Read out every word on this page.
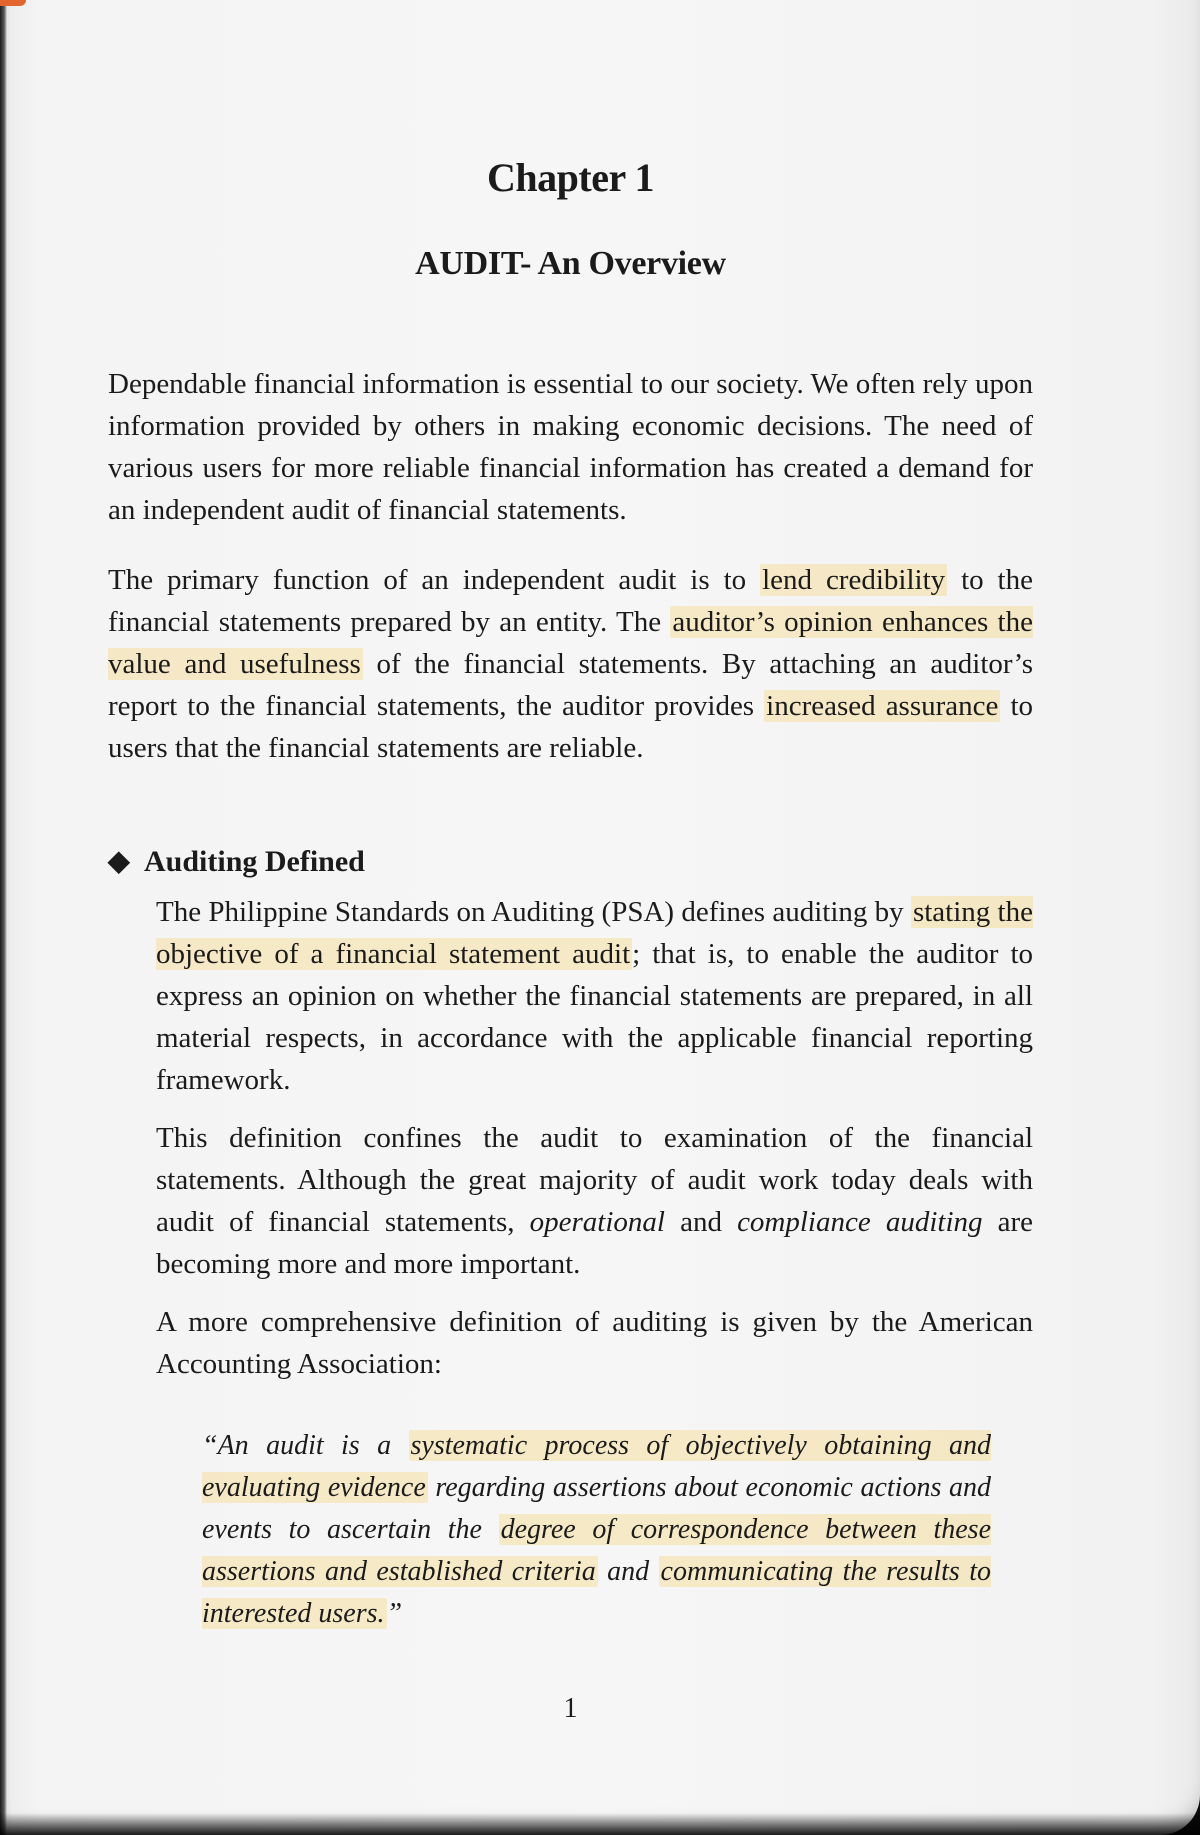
Chapter 1
AUDIT- An Overview

Dependable financial information is essential to our society. We often rely upon information provided by others in making economic decisions. The need of various users for more reliable financial information has created a demand for an independent audit of financial statements.

The primary function of an independent audit is to lend credibility to the financial statements prepared by an entity. The auditor’s opinion enhances the value and usefulness of the financial statements. By attaching an auditor’s report to the financial statements, the auditor provides increased assurance to users that the financial statements are reliable.

◆ Auditing Defined

The Philippine Standards on Auditing (PSA) defines auditing by stating the objective of a financial statement audit; that is, to enable the auditor to express an opinion on whether the financial statements are prepared, in all material respects, in accordance with the applicable financial reporting framework.

This definition confines the audit to examination of the financial statements. Although the great majority of audit work today deals with audit of financial statements, operational and compliance auditing are becoming more and more important.

A more comprehensive definition of auditing is given by the American Accounting Association:

“An audit is a systematic process of objectively obtaining and evaluating evidence regarding assertions about economic actions and events to ascertain the degree of correspondence between these assertions and established criteria and communicating the results to interested users.”

1
